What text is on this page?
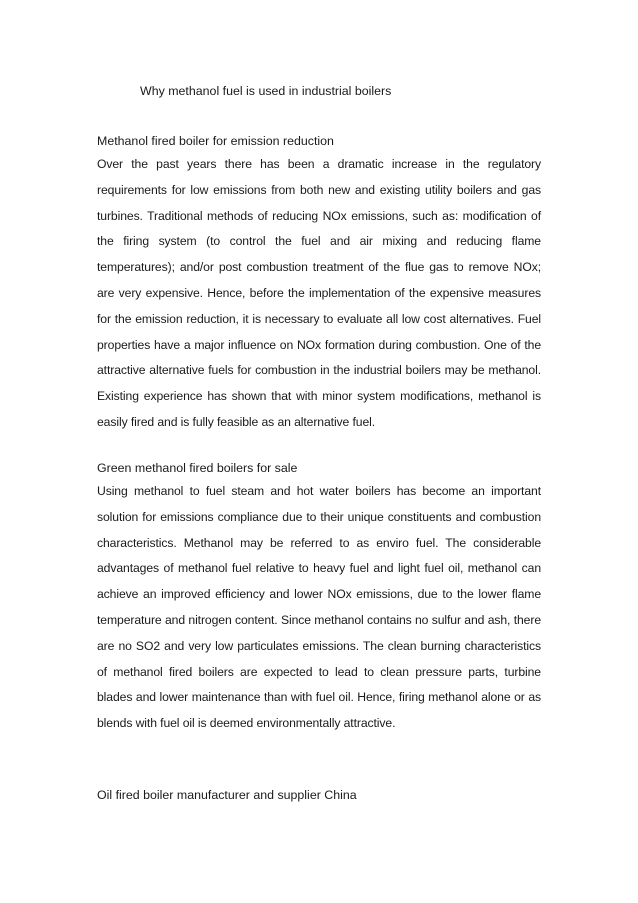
Why methanol fuel is used in industrial boilers
Methanol fired boiler for emission reduction

Over the past years there has been a dramatic increase in the regulatory requirements for low emissions from both new and existing utility boilers and gas turbines. Traditional methods of reducing NOx emissions, such as: modification of the firing system (to control the fuel and air mixing and reducing flame temperatures); and/or post combustion treatment of the flue gas to remove NOx; are very expensive. Hence, before the implementation of the expensive measures for the emission reduction, it is necessary to evaluate all low cost alternatives. Fuel properties have a major influence on NOx formation during combustion. One of the attractive alternative fuels for combustion in the industrial boilers may be methanol. Existing experience has shown that with minor system modifications, methanol is easily fired and is fully feasible as an alternative fuel.

Green methanol fired boilers for sale

Using methanol to fuel steam and hot water boilers has become an important solution for emissions compliance due to their unique constituents and combustion characteristics. Methanol may be referred to as enviro fuel. The considerable advantages of methanol fuel relative to heavy fuel and light fuel oil, methanol can achieve an improved efficiency and lower NOx emissions, due to the lower flame temperature and nitrogen content. Since methanol contains no sulfur and ash, there are no SO2 and very low particulates emissions. The clean burning characteristics of methanol fired boilers are expected to lead to clean pressure parts, turbine blades and lower maintenance than with fuel oil. Hence, firing methanol alone or as blends with fuel oil is deemed environmentally attractive.

Oil fired boiler manufacturer and supplier China
